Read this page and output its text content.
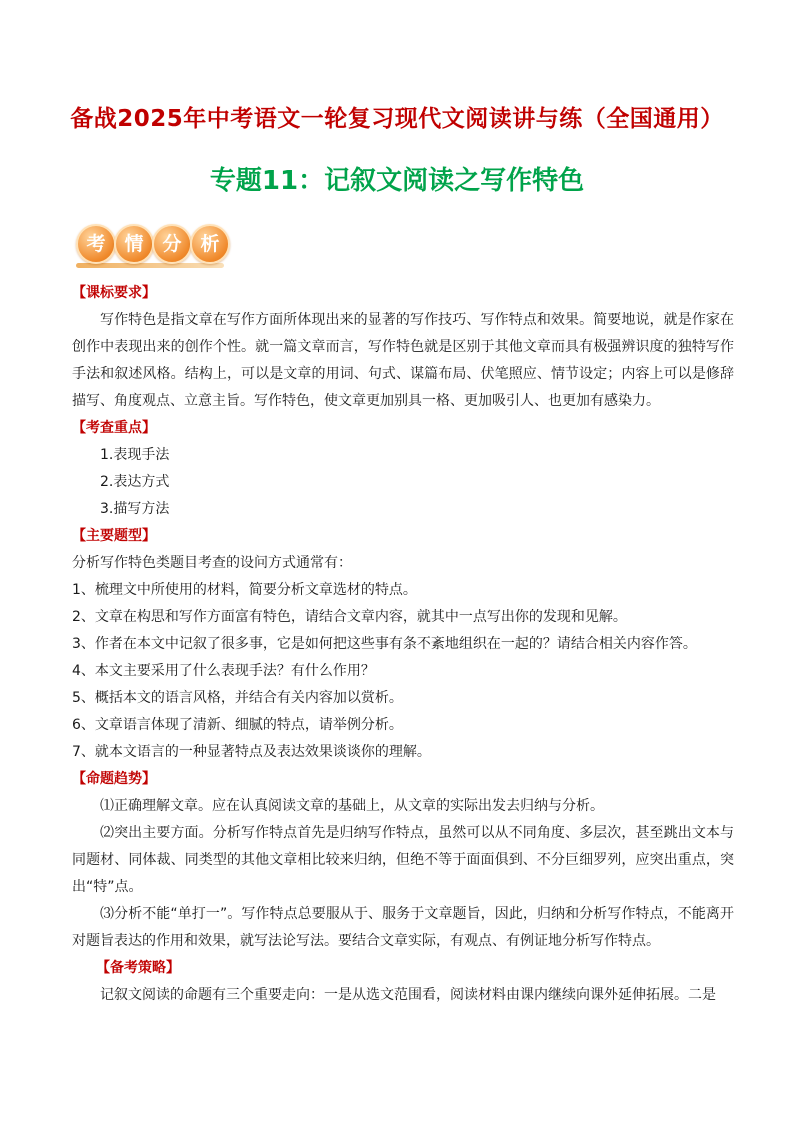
备战2025年中考语文一轮复习现代文阅读讲与练（全国通用）
专题11：记叙文阅读之写作特色
考 情 分 析
【课标要求】

写作特色是指文章在写作方面所体现出来的显著的写作技巧、写作特点和效果。简要地说，就是作家在创作中表现出来的创作个性。就一篇文章而言，写作特色就是区别于其他文章而具有极强辨识度的独特写作手法和叙述风格。结构上，可以是文章的用词、句式、谋篇布局、伏笔照应、情节设定；内容上可以是修辞描写、角度观点、立意主旨。写作特色，使文章更加别具一格、更加吸引人、也更加有感染力。

【考查重点】

1.表现手法

2.表达方式

3.描写方法

【主要题型】

分析写作特色类题目考查的设问方式通常有：

1、梳理文中所使用的材料，简要分析文章选材的特点。

2、文章在构思和写作方面富有特色，请结合文章内容，就其中一点写出你的发现和见解。

3、作者在本文中记叙了很多事，它是如何把这些事有条不紊地组织在一起的？请结合相关内容作答。

4、本文主要采用了什么表现手法？有什么作用？

5、概括本文的语言风格，并结合有关内容加以赏析。

6、文章语言体现了清新、细腻的特点，请举例分析。

7、就本文语言的一种显著特点及表达效果谈谈你的理解。

【命题趋势】

⑴正确理解文章。应在认真阅读文章的基础上，从文章的实际出发去归纳与分析。

⑵突出主要方面。分析写作特点首先是归纳写作特点，虽然可以从不同角度、多层次，甚至跳出文本与同题材、同体裁、同类型的其他文章相比较来归纳，但绝不等于面面俱到、不分巨细罗列，应突出重点，突出“特”点。

⑶分析不能“单打一”。写作特点总要服从于、服务于文章题旨，因此，归纳和分析写作特点，不能离开对题旨表达的作用和效果，就写法论写法。要结合文章实际，有观点、有例证地分析写作特点。

【备考策略】

记叙文阅读的命题有三个重要走向：一是从选文范围看，阅读材料由课内继续向课外延伸拓展。二是
